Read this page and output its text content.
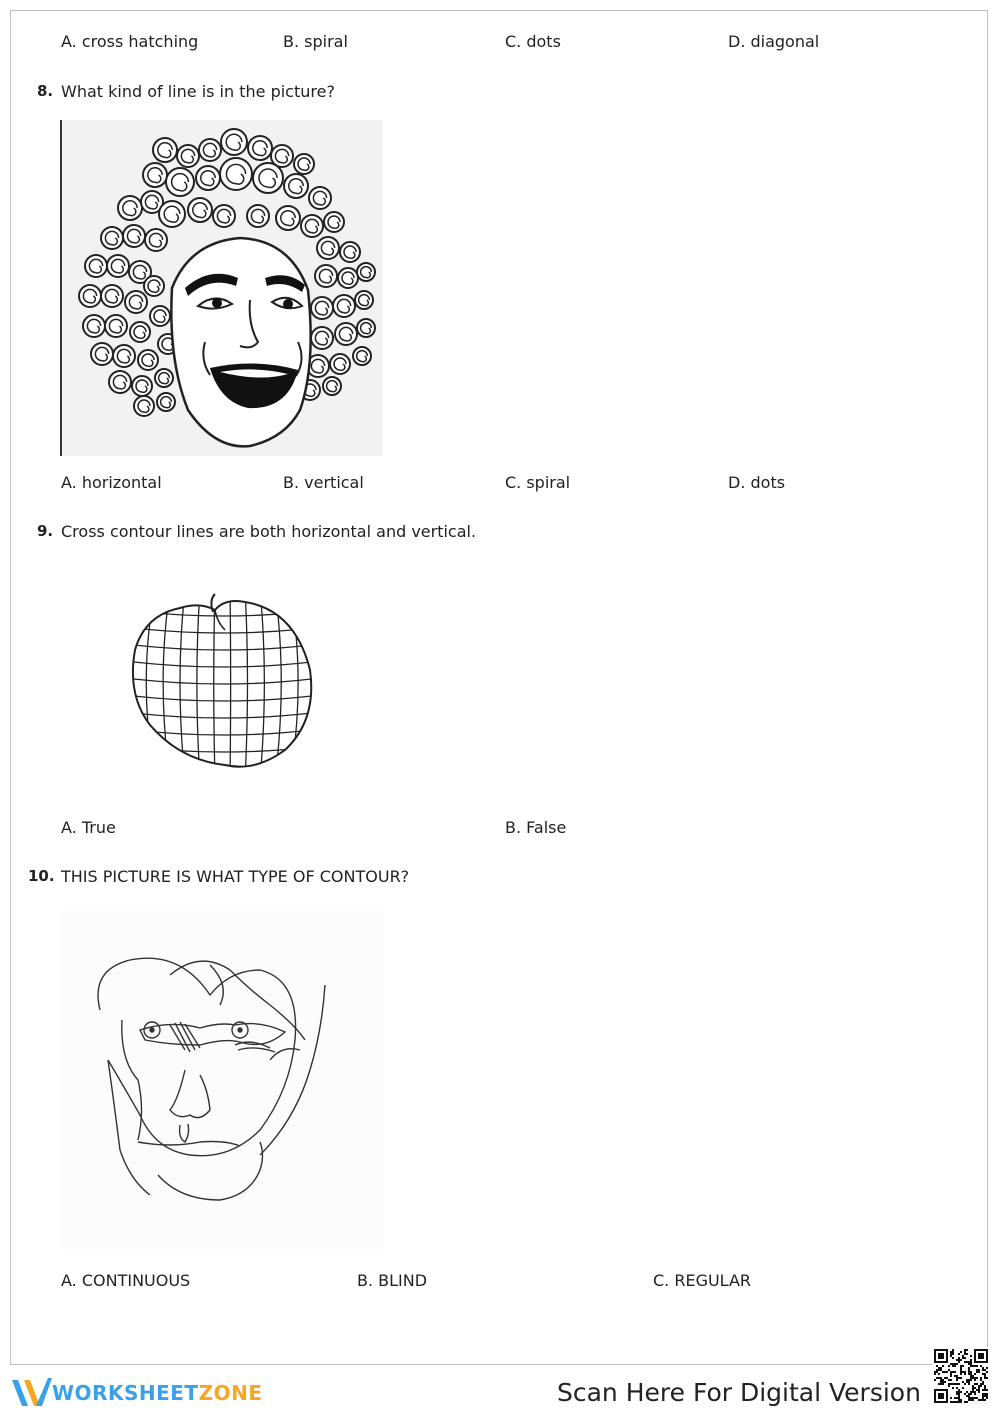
A. cross hatching	B. spiral	C. dots	D. diagonal
8. What kind of line is in the picture?
A. horizontal	B. vertical	C. spiral	D. dots
9. Cross contour lines are both horizontal and vertical.
A. True	B. False
10. THIS PICTURE IS WHAT TYPE OF CONTOUR?
A. CONTINUOUS	B. BLIND	C. REGULAR
WORKSHEET ZONE	Scan Here For Digital Version
